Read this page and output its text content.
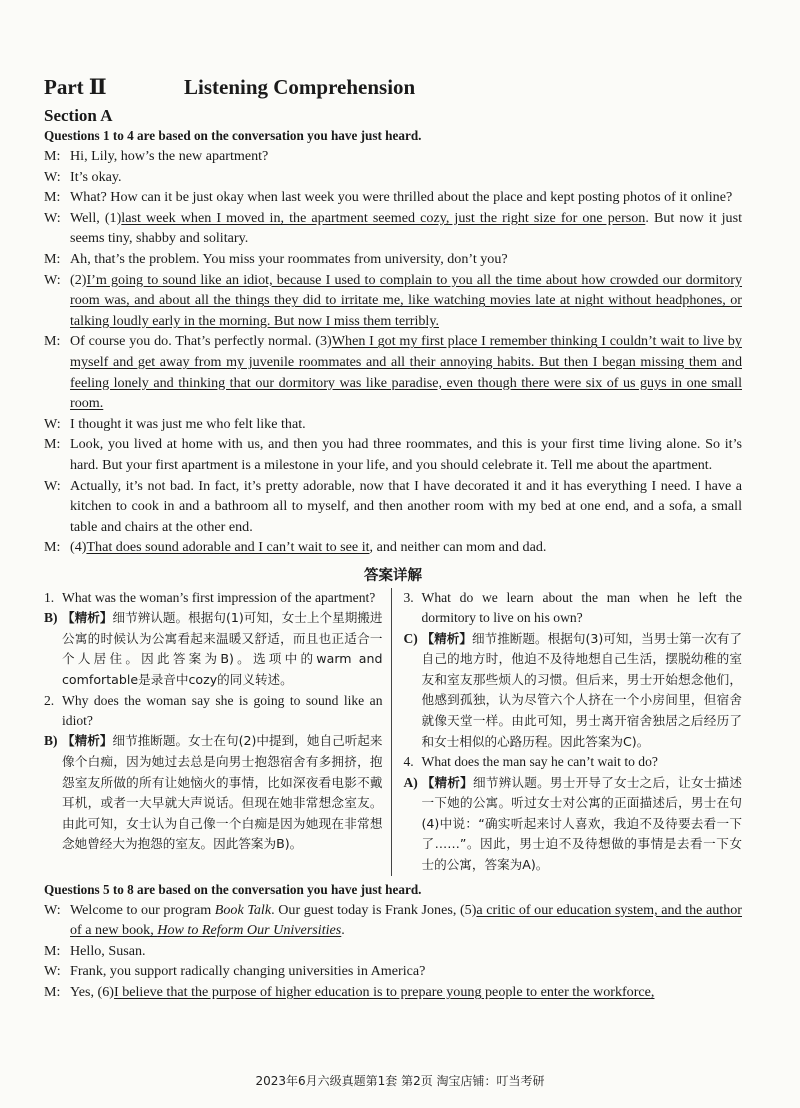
Part Ⅱ	Listening Comprehension
Section A
Questions 1 to 4 are based on the conversation you have just heard.
M: Hi, Lily, how’s the new apartment?
W: It’s okay.
M: What? How can it be just okay when last week you were thrilled about the place and kept posting photos of it online?
W: Well, (1)last week when I moved in, the apartment seemed cozy, just the right size for one person. But now it just seems tiny, shabby and solitary.
M: Ah, that’s the problem. You miss your roommates from university, don’t you?
W: (2)I’m going to sound like an idiot, because I used to complain to you all the time about how crowded our dormitory room was, and about all the things they did to irritate me, like watching movies late at night without headphones, or talking loudly early in the morning. But now I miss them terribly.
M: Of course you do. That’s perfectly normal. (3)When I got my first place I remember thinking I couldn’t wait to live by myself and get away from my juvenile roommates and all their annoying habits. But then I began missing them and feeling lonely and thinking that our dormitory was like paradise, even though there were six of us guys in one small room.
W: I thought it was just me who felt like that.
M: Look, you lived at home with us, and then you had three roommates, and this is your first time living alone. So it’s hard. But your first apartment is a milestone in your life, and you should celebrate it. Tell me about the apartment.
W: Actually, it’s not bad. In fact, it’s pretty adorable, now that I have decorated it and it has everything I need. I have a kitchen to cook in and a bathroom all to myself, and then another room with my bed at one end, and a sofa, a small table and chairs at the other end.
M: (4)That does sound adorable and I can’t wait to see it, and neither can mom and dad.
答案详解
1. What was the woman’s first impression of the apartment?
B) 【精析】细节辨认题。根据句(1)可知，女士上个星期搬进公寓的时候认为公寓看起来温暖又舒适，而且也正适合一个人居住。因此答案为B)。选项中的warm and comfortable是录音中cozy的同义转述。
2. Why does the woman say she is going to sound like an idiot?
B) 【精析】细节推断题。女士在句(2)中提到，她自己听起来像个白痴，因为她过去总是向男士抱怨宿舍有多拥挤，抱怨室友所做的所有让她恼火的事情，比如深夜看电影不戴耳机，或者一大早就大声说话。但现在她非常想念室友。由此可知，女士认为自己像一个白痴是因为她现在非常想念她曾经大为抱怨的室友。因此答案为B)。
3. What do we learn about the man when he left the dormitory to live on his own?
C) 【精析】细节推断题。根据句(3)可知，当男士第一次有了自己的地方时，他迫不及待地想自己生活，摆脱幼稚的室友和室友那些烦人的习惯。但后来，男士开始想念他们，他感到孤独，认为尽管六个人挤在一个小房间里，但宿舍就像天堂一样。由此可知，男士离开宿舍独居之后经历了和女士相似的心路历程。因此答案为C)。
4. What does the man say he can’t wait to do?
A) 【精析】细节辨认题。男士开导了女士之后，让女士描述一下她的公寓。听过女士对公寓的正面描述后，男士在句(4)中说：“确实听起来讨人喜欢，我迫不及待要去看一下了……”。因此，男士迫不及待想做的事情是去看一下女士的公寓，答案为A)。
Questions 5 to 8 are based on the conversation you have just heard.
W: Welcome to our program Book Talk. Our guest today is Frank Jones, (5)a critic of our education system, and the author of a new book, How to Reform Our Universities.
M: Hello, Susan.
W: Frank, you support radically changing universities in America?
M: Yes, (6)I believe that the purpose of higher education is to prepare young people to enter the workforce,
2023年6月六级真题第1套 第2页 淘宝店铺：叮当考研
